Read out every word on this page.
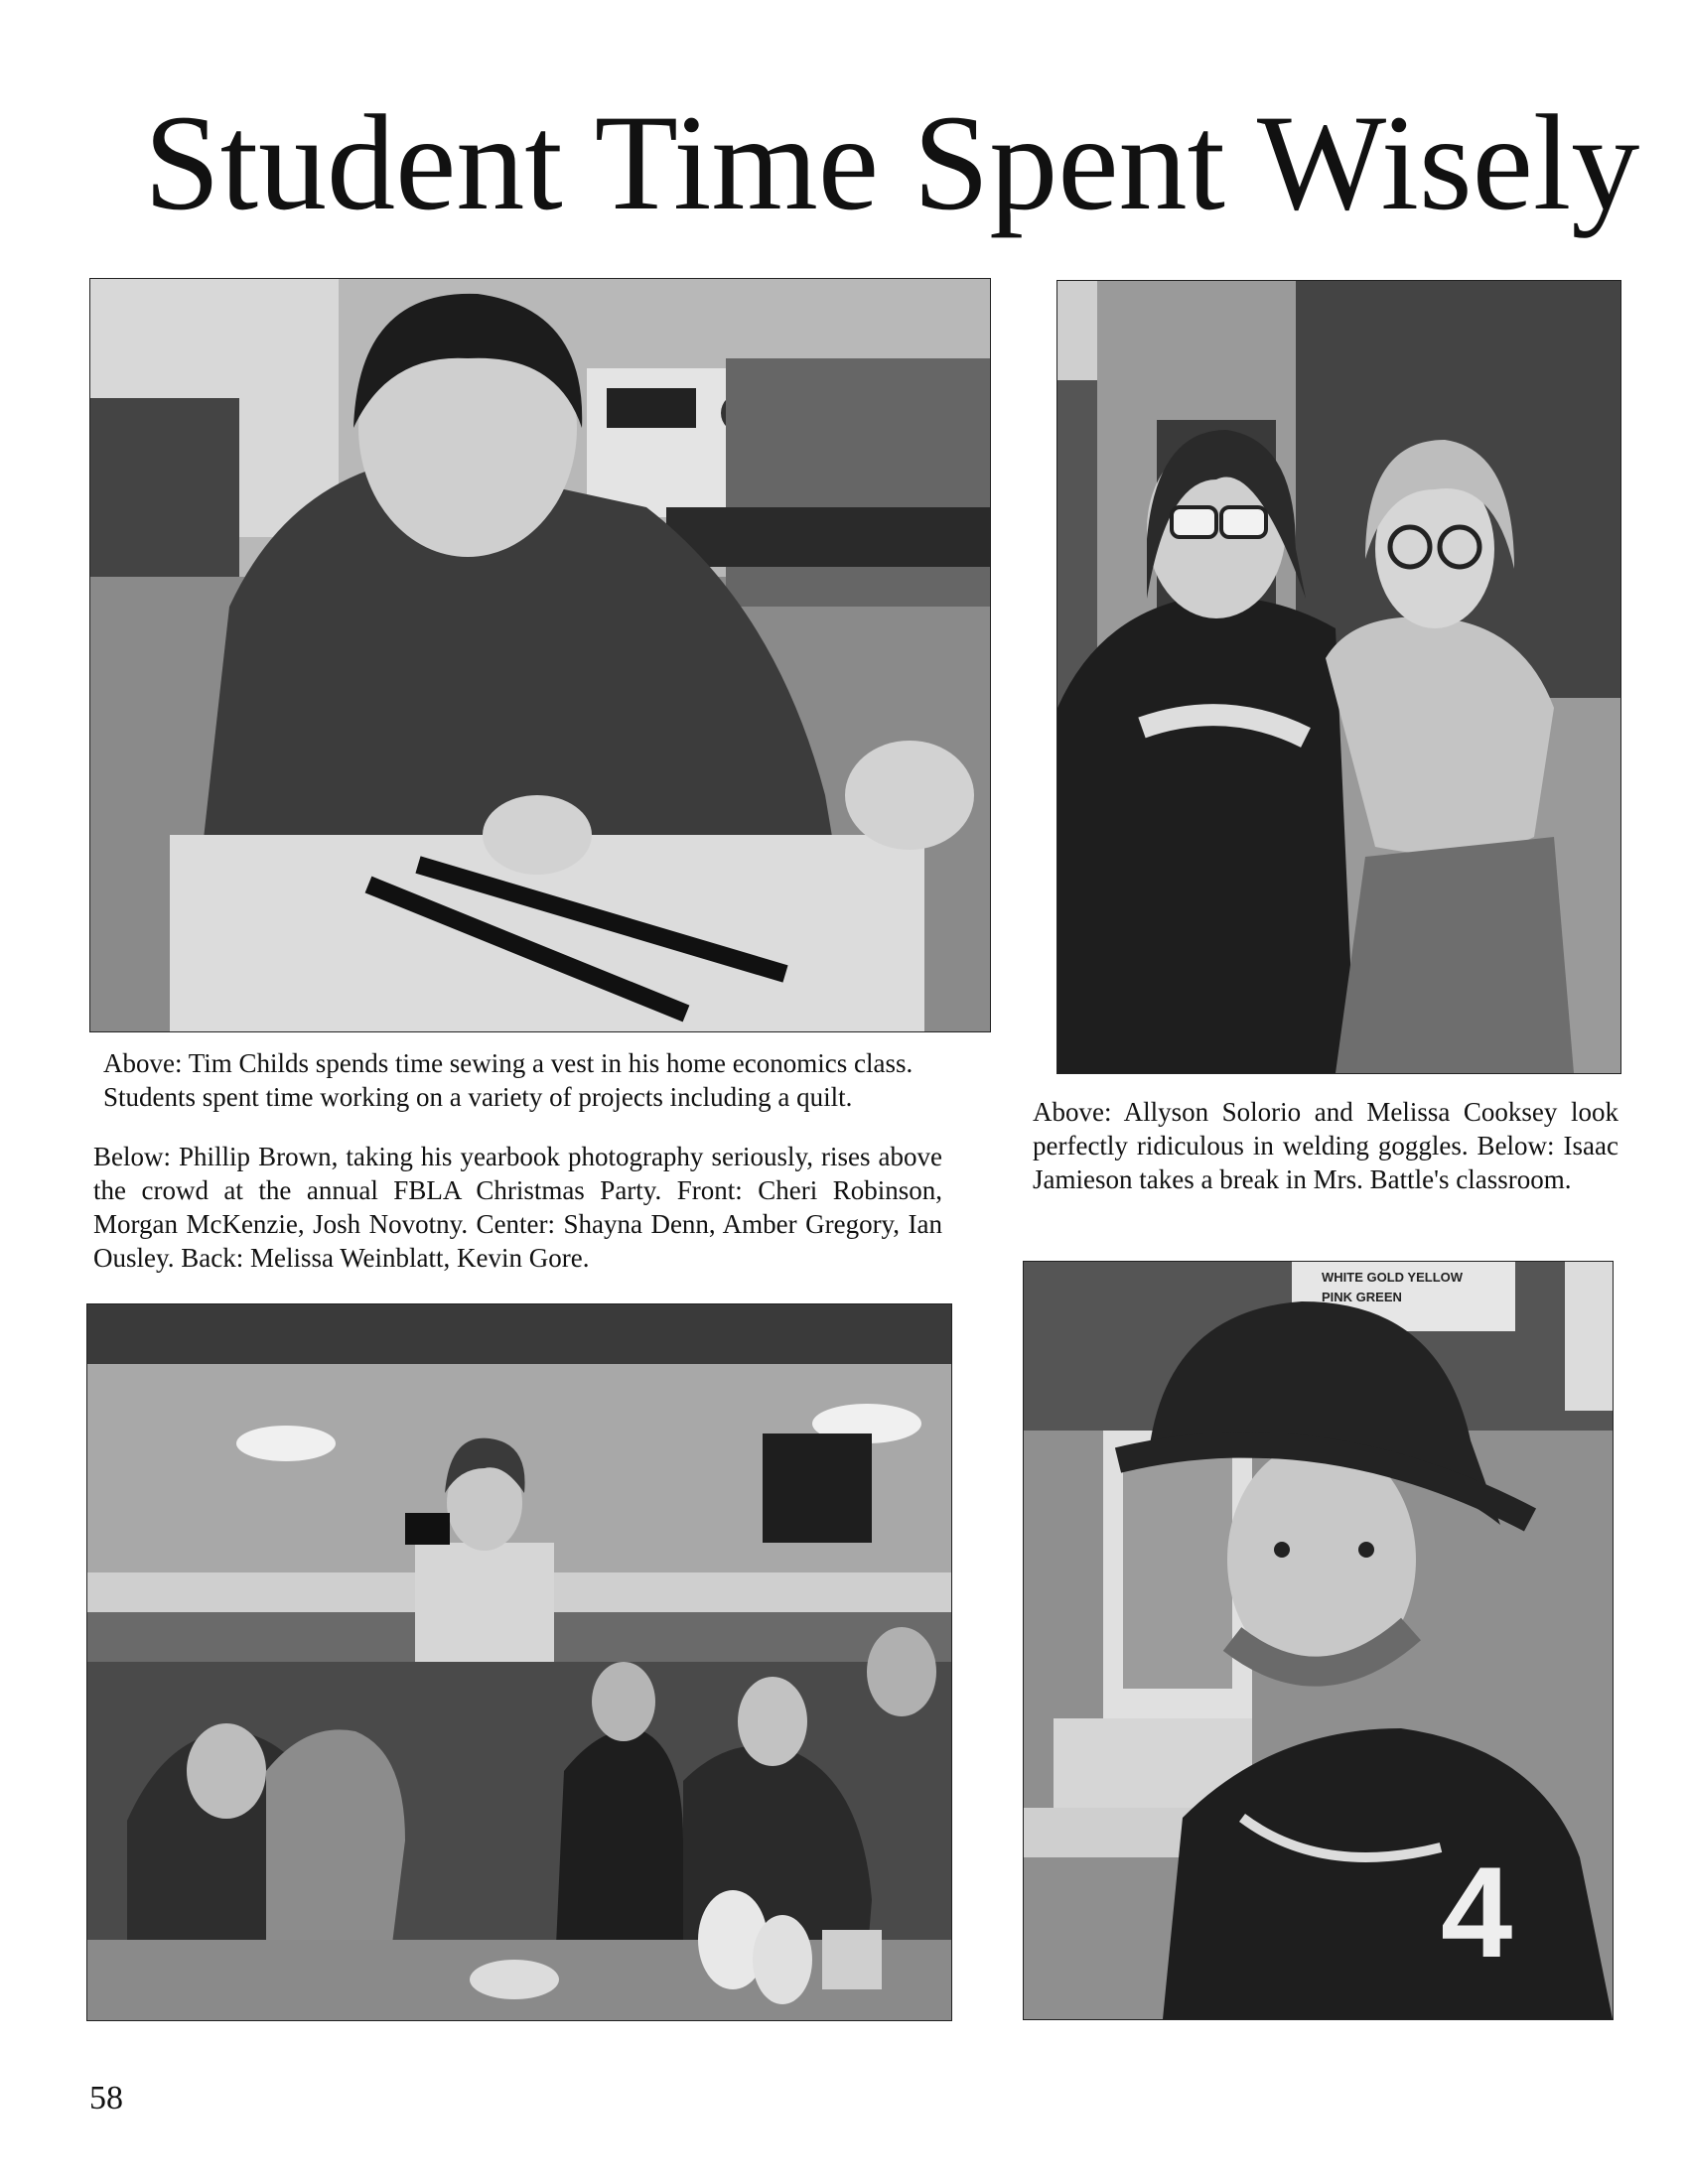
Student Time Spent Wisely

Above: Tim Childs spends time sewing a vest in his home economics class.

Students spent time working on a variety of projects including a quilt.

Below: Phillip Brown, taking his yearbook photography seriously, rises above the crowd at the annual FBLA Christmas Party. Front: Cheri Robinson, Morgan McKenzie, Josh Novotny. Center: Shayna Denn, Amber Gregory, Ian Ousley. Back: Melissa Weinblatt, Kevin Gore.

Above: Allyson Solorio and Melissa Cooksey look perfectly ridiculous in welding goggles. Below: Isaac Jamieson takes a break in Mrs. Battle's classroom.

WHITE GOLD YELLOW
PINK GREEN
4
58
